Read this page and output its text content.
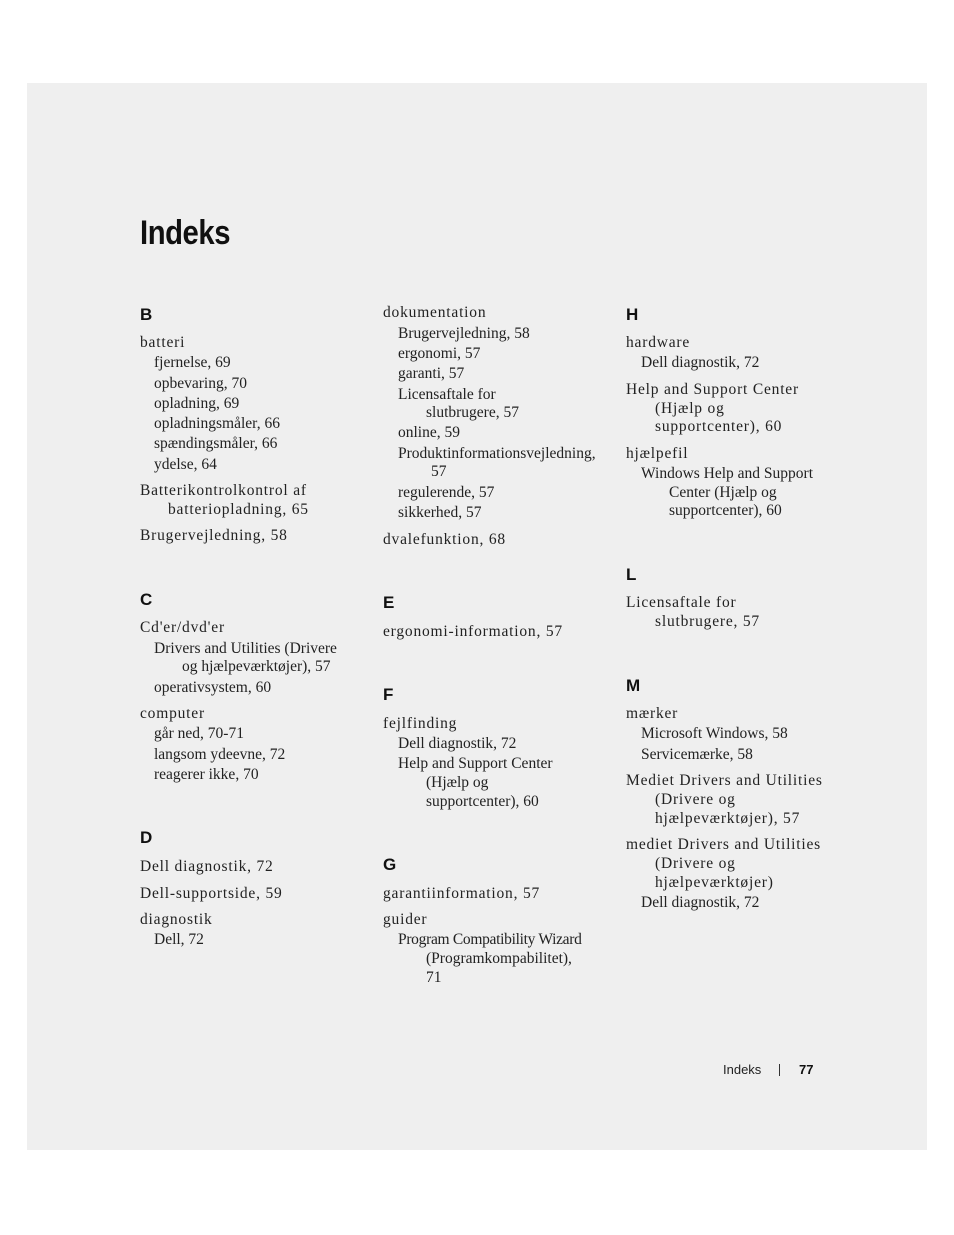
Indeks
B
batteri
fjernelse, 69
opbevaring, 70
opladning, 69
opladningsmåler, 66
spændingsmåler, 66
ydelse, 64
Batterikontrolkontrol af
batteriopladning, 65
Brugervejledning, 58
C
Cd'er/dvd'er
Drivers and Utilities (Drivere
og hjælpeværktøjer), 57
operativsystem, 60
computer
går ned, 70-71
langsom ydeevne, 72
reagerer ikke, 70
D
Dell diagnostik, 72
Dell-supportside, 59
diagnostik
Dell, 72
dokumentation
Brugervejledning, 58
ergonomi, 57
garanti, 57
Licensaftale for
slutbrugere, 57
online, 59
Produktinformationsvejledning,
57
regulerende, 57
sikkerhed, 57
dvalefunktion, 68
E
ergonomi-information, 57
F
fejlfinding
Dell diagnostik, 72
Help and Support Center
(Hjælp og
supportcenter), 60
G
garantiinformation, 57
guider
Program Compatibility Wizard
(Programkompabilitet),
71
H
hardware
Dell diagnostik, 72
Help and Support Center
(Hjælp og
supportcenter), 60
hjælpefil
Windows Help and Support
Center (Hjælp og
supportcenter), 60
L
Licensaftale for
slutbrugere, 57
M
mærker
Microsoft Windows, 58
Servicemærke, 58
Mediet Drivers and Utilities
(Drivere og
hjælpeværktøjer), 57
mediet Drivers and Utilities
(Drivere og
hjælpeværktøjer)
Dell diagnostik, 72
Indeks	77
